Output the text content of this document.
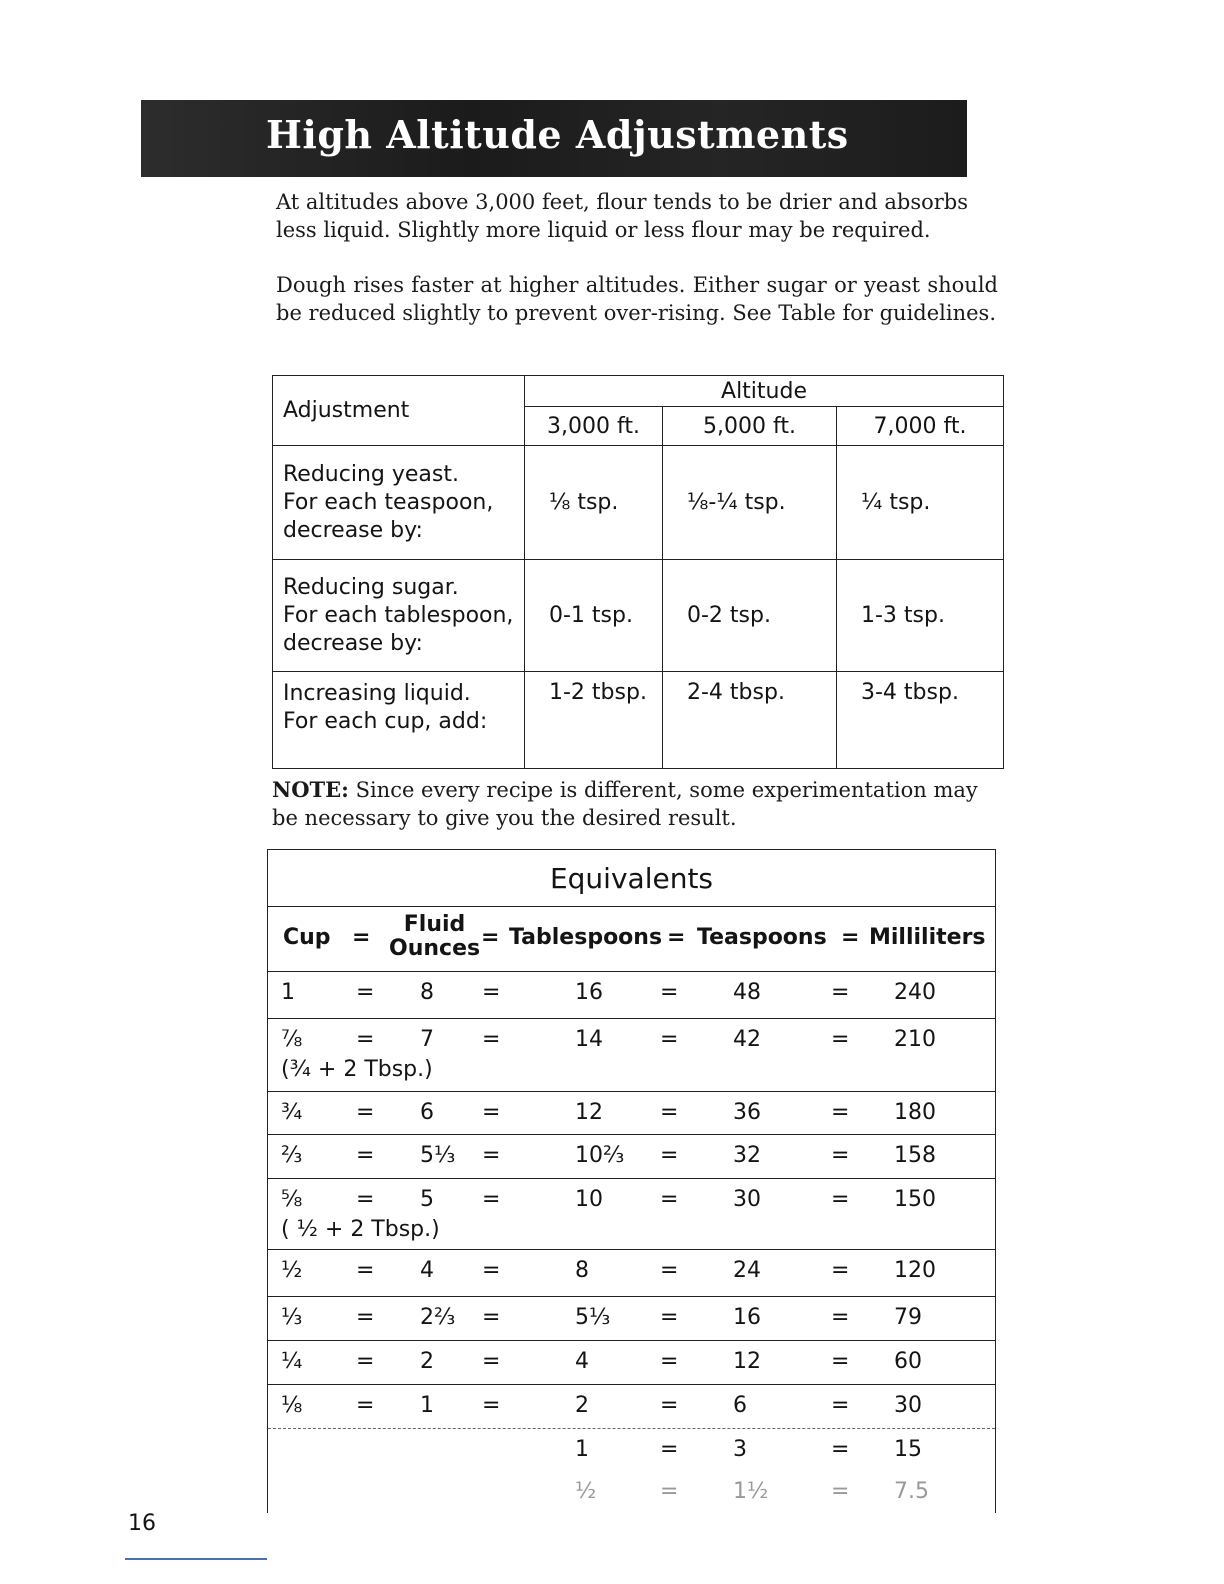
High Altitude Adjustments

At altitudes above 3,000 feet, flour tends to be drier and absorbs less liquid. Slightly more liquid or less flour may be required.

Dough rises faster at higher altitudes. Either sugar or yeast should be reduced slightly to prevent over-rising. See Table for guidelines.

Adjustment	Altitude		
	3,000 ft.	5,000 ft.	7,000 ft.

Reducing yeast.
For each teaspoon,
decrease by:	⅛ tsp.	⅛-¼ tsp.	¼ tsp.

Reducing sugar.
For each tablespoon,
decrease by:	0-1 tsp.	0-2 tsp.	1-3 tsp.

Increasing liquid.
For each cup, add:	1-2 tbsp.	2-4 tbsp.	3-4 tbsp.

NOTE: Since every recipe is different, some experimentation may be necessary to give you the desired result.

Equivalents

Cup =
Fluid
Ounces = Tablespoons = Teaspoons = Milliliters

1	= 8 =	16	= 48	= 240

⅞ = 7 =	14	= 42	= 210
(¾ + 2 Tbsp.)

¾ = 6 =	12	= 36	= 180

⅔ = 5⅓ =	10⅔ = 32	= 158

⅝ = 5 =	10	= 30	= 150
( ½ + 2 Tbsp.)

½ = 4 =	8	= 24	= 120

⅓ = 2⅔ =	5⅓ = 16	= 79

¼ = 2 =	4	= 12	= 60

⅛ = 1 =	2	= 6	= 30

1	= 3	= 15

½	= 1½	= 7.5
16
